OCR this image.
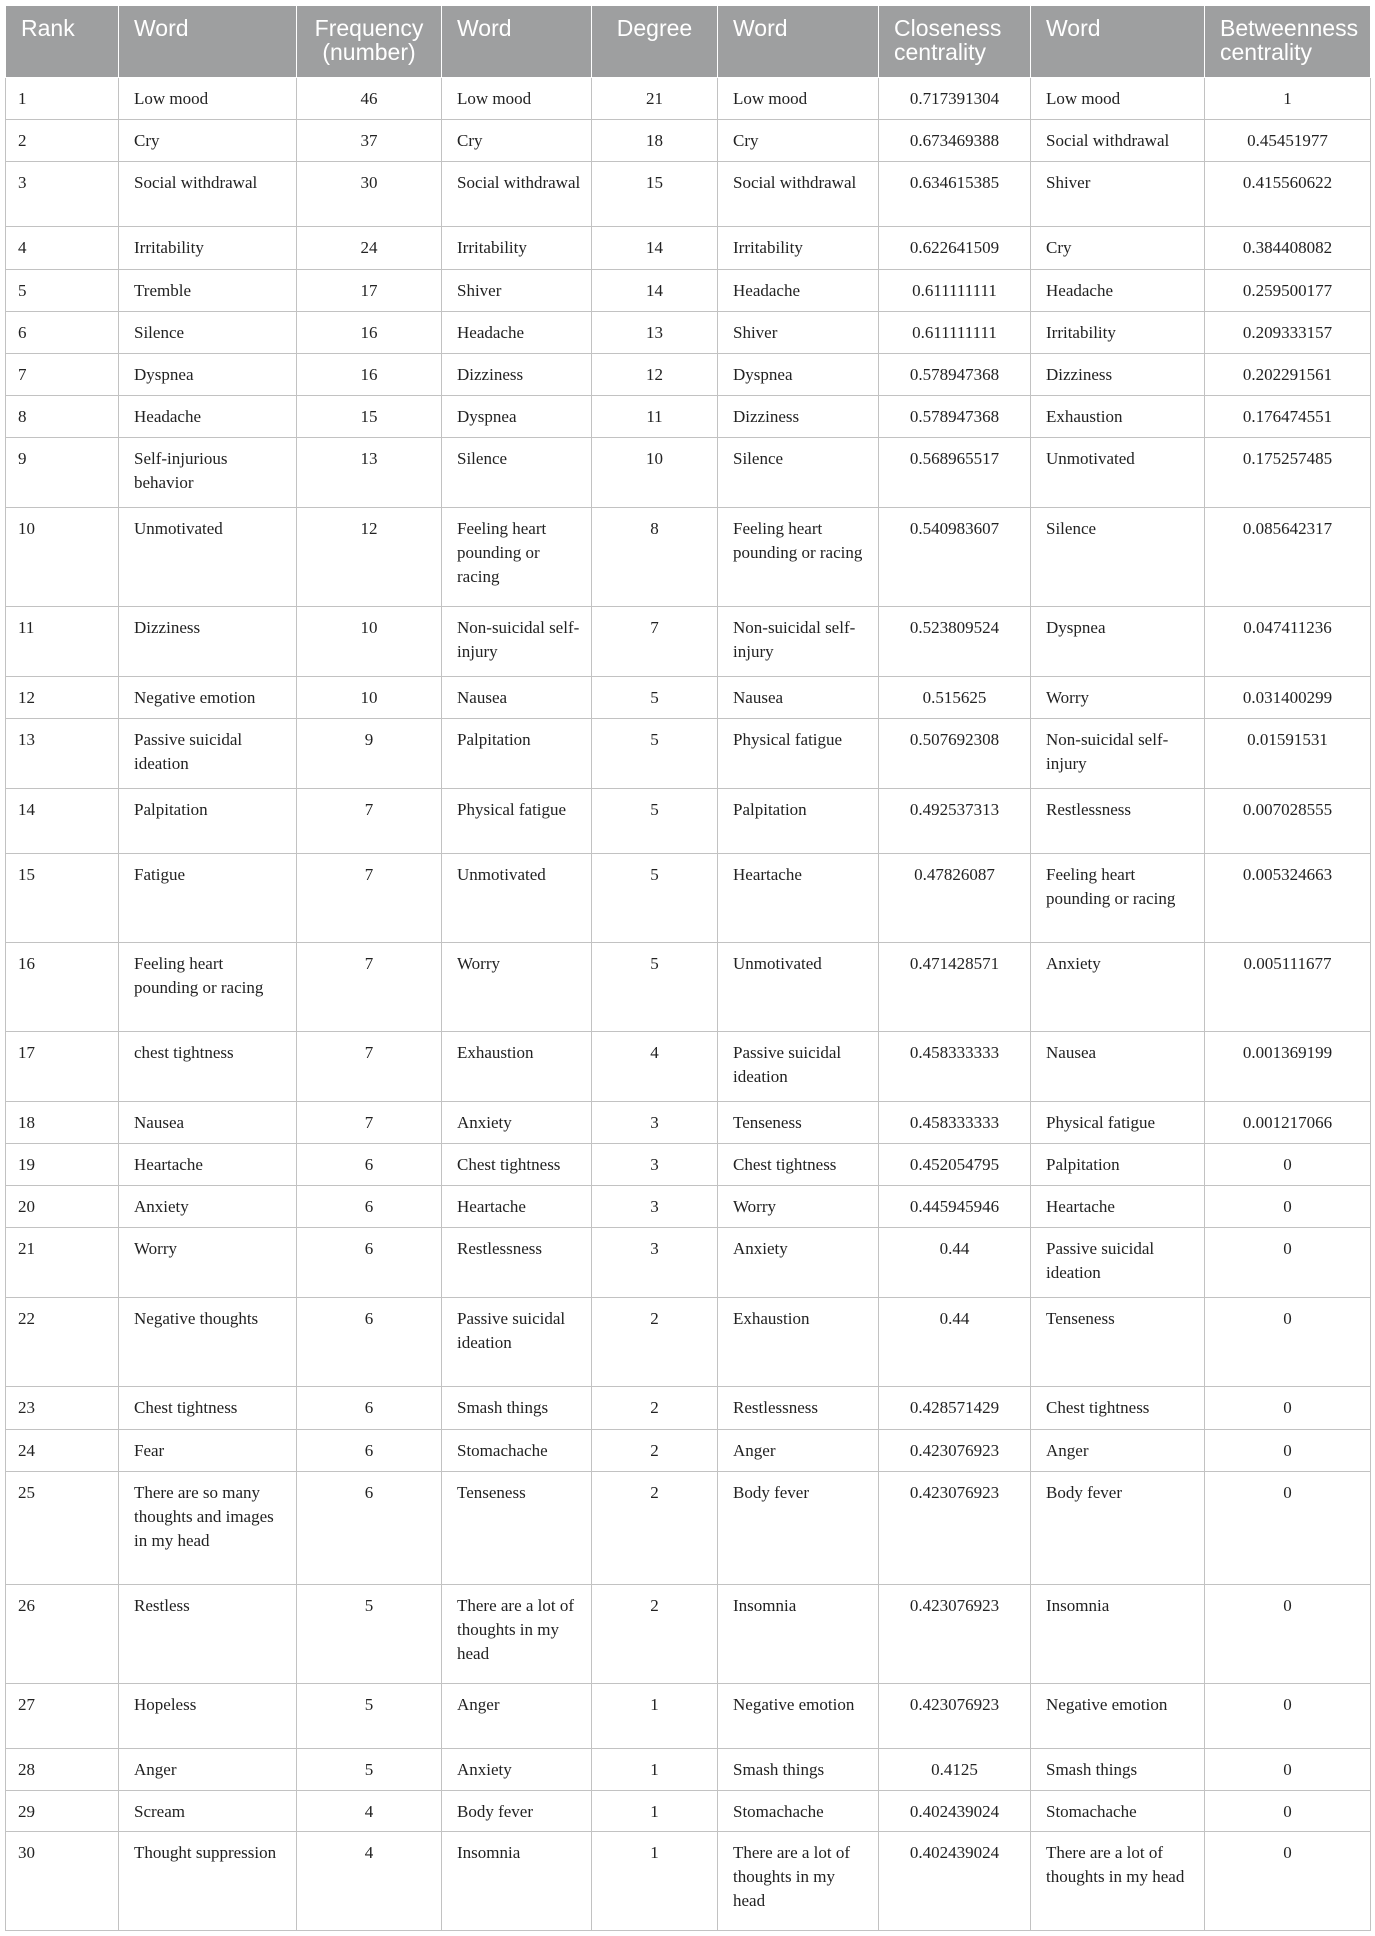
Rank	Word	Frequency (number)	Word	Degree	Word	Closeness centrality	Word	Betweenness centrality
1	Low mood	46	Low mood	21	Low mood	0.717391304	Low mood	1
2	Cry	37	Cry	18	Cry	0.673469388	Social withdrawal	0.45451977
3	Social withdrawal	30	Social withdrawal	15	Social withdrawal	0.634615385	Shiver	0.415560622
4	Irritability	24	Irritability	14	Irritability	0.622641509	Cry	0.384408082
5	Tremble	17	Shiver	14	Headache	0.611111111	Headache	0.259500177
6	Silence	16	Headache	13	Shiver	0.611111111	Irritability	0.209333157
7	Dyspnea	16	Dizziness	12	Dyspnea	0.578947368	Dizziness	0.202291561
8	Headache	15	Dyspnea	11	Dizziness	0.578947368	Exhaustion	0.176474551
9	Self-injurious behavior	13	Silence	10	Silence	0.568965517	Unmotivated	0.175257485
10	Unmotivated	12	Feeling heart pounding or racing	8	Feeling heart pounding or racing	0.540983607	Silence	0.085642317
11	Dizziness	10	Non-suicidal self-injury	7	Non-suicidal self-injury	0.523809524	Dyspnea	0.047411236
12	Negative emotion	10	Nausea	5	Nausea	0.515625	Worry	0.031400299
13	Passive suicidal ideation	9	Palpitation	5	Physical fatigue	0.507692308	Non-suicidal self-injury	0.01591531
14	Palpitation	7	Physical fatigue	5	Palpitation	0.492537313	Restlessness	0.007028555
15	Fatigue	7	Unmotivated	5	Heartache	0.47826087	Feeling heart pounding or racing	0.005324663
16	Feeling heart pounding or racing	7	Worry	5	Unmotivated	0.471428571	Anxiety	0.005111677
17	chest tightness	7	Exhaustion	4	Passive suicidal ideation	0.458333333	Nausea	0.001369199
18	Nausea	7	Anxiety	3	Tenseness	0.458333333	Physical fatigue	0.001217066
19	Heartache	6	Chest tightness	3	Chest tightness	0.452054795	Palpitation	0
20	Anxiety	6	Heartache	3	Worry	0.445945946	Heartache	0
21	Worry	6	Restlessness	3	Anxiety	0.44	Passive suicidal ideation	0
22	Negative thoughts	6	Passive suicidal ideation	2	Exhaustion	0.44	Tenseness	0
23	Chest tightness	6	Smash things	2	Restlessness	0.428571429	Chest tightness	0
24	Fear	6	Stomachache	2	Anger	0.423076923	Anger	0
25	There are so many thoughts and images in my head	6	Tenseness	2	Body fever	0.423076923	Body fever	0
26	Restless	5	There are a lot of thoughts in my head	2	Insomnia	0.423076923	Insomnia	0
27	Hopeless	5	Anger	1	Negative emotion	0.423076923	Negative emotion	0
28	Anger	5	Anxiety	1	Smash things	0.4125	Smash things	0
29	Scream	4	Body fever	1	Stomachache	0.402439024	Stomachache	0
30	Thought suppression	4	Insomnia	1	There are a lot of thoughts in my head	0.402439024	There are a lot of thoughts in my head	0
